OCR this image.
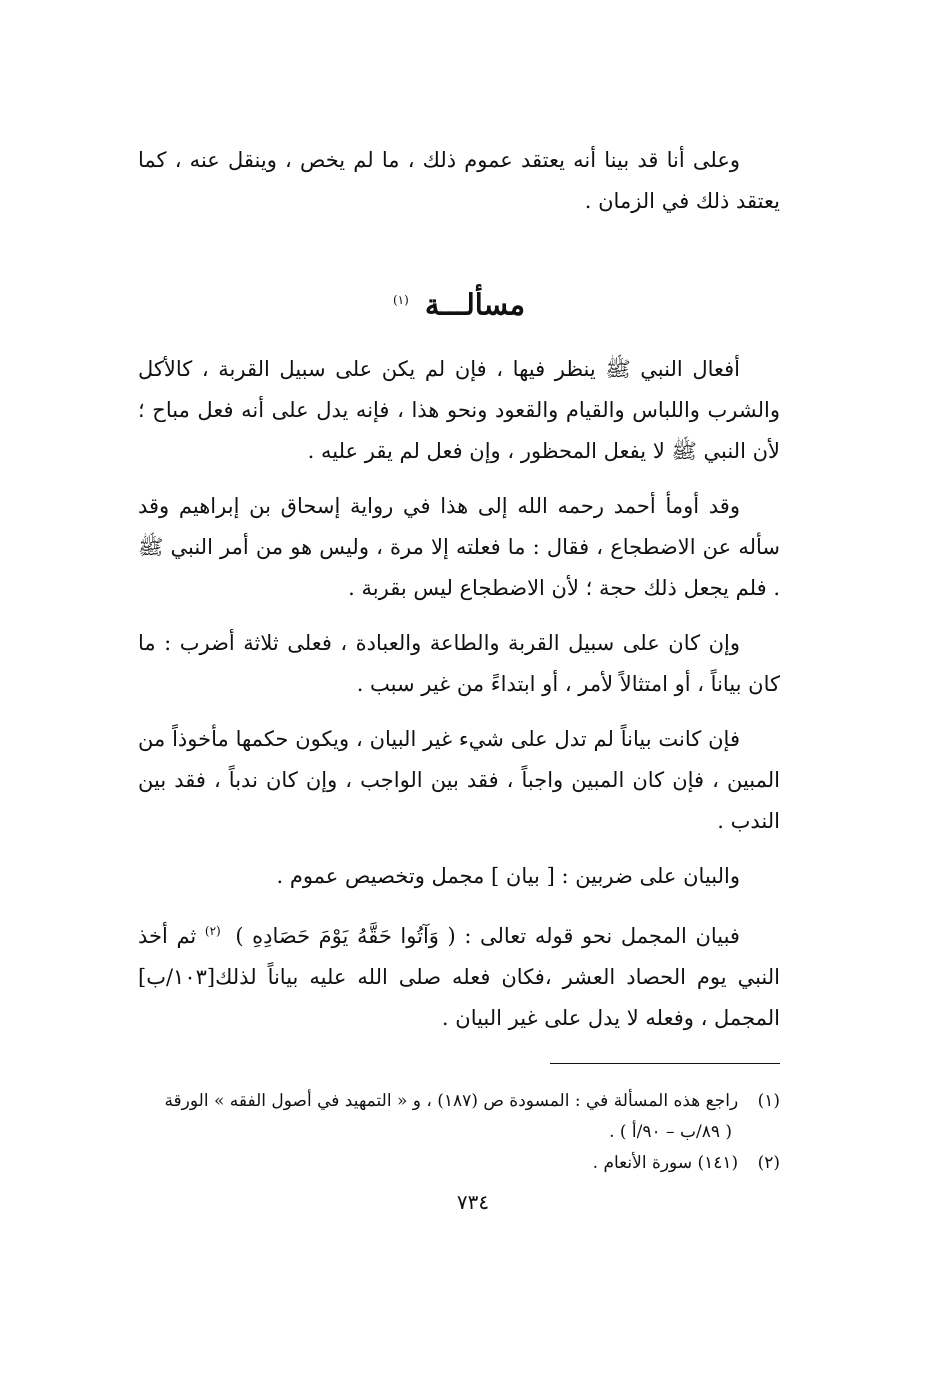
وعلى أنا قد بينا أنه يعتقد عموم ذلك ، ما لم يخص ، وينقل عنه ، كما يعتقد ذلك في الزمان .

مسألـــة $^{(١)}$

أفعال النبي ﷺ ينظر فيها ، فإن لم يكن على سبيل القربة ، كالأكل والشرب واللباس والقيام والقعود ونحو هذا ، فإنه يدل على أنه فعل مباح ؛ لأن النبي ﷺ لا يفعل المحظور ، وإن فعل لم يقر عليه .

وقد أومأ أحمد رحمه الله إلى هذا في رواية إسحاق بن إبراهيم وقد سأله عن الاضطجاع ، فقال : ما فعلته إلا مرة ، وليس هو من أمر النبي ﷺ . فلم يجعل ذلك حجة ؛ لأن الاضطجاع ليس بقربة .

وإن كان على سبيل القربة والطاعة والعبادة ، فعلى ثلاثة أضرب : ما كان بياناً ، أو امتثالاً لأمر ، أو ابتداءً من غير سبب .

فإن كانت بياناً لم تدل على شيء غير البيان ، ويكون حكمها مأخوذاً من المبين ، فإن كان المبين واجباً ، فقد بين الواجب ، وإن كان ندباً ، فقد بين الندب .

والبيان على ضربين : [ بيان ] مجمل وتخصيص عموم .

فبيان المجمل نحو قوله تعالى : ( وَآتُوا حَقَّهُ يَوْمَ حَصَادِهِ ) $^{(٢)}$ ثم أخذ النبي يوم الحصاد العشر ،فكان فعله صلى الله عليه بياناً لذلك[١٠٣/ب] المجمل ، وفعله لا يدل على غير البيان .

(١) راجع هذه المسألة في : المسودة ص (١٨٧) ، و « التمهيد في أصول الفقه » الورقة
( ٨٩/ب – ٩٠/أ ) .

(٢) (١٤١) سورة الأنعام .

٧٣٤
